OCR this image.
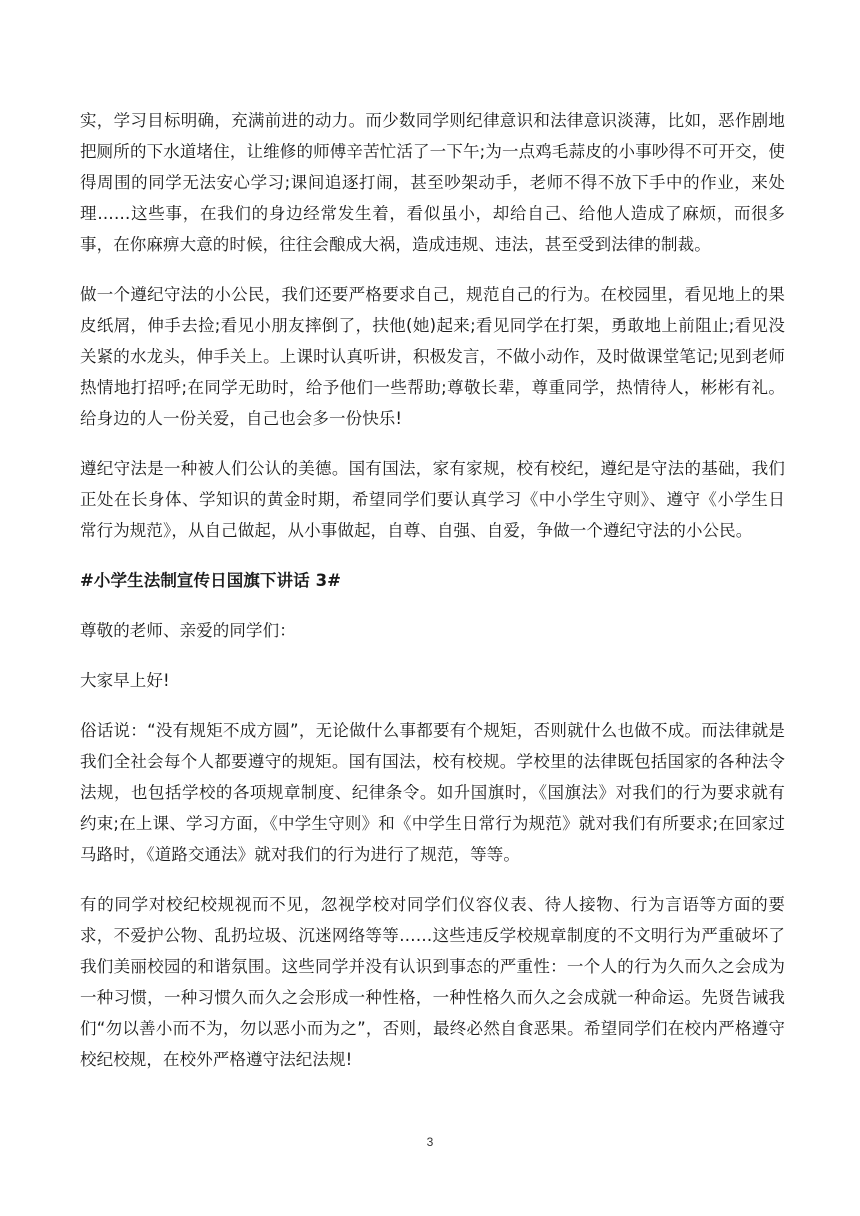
实，学习目标明确，充满前进的动力。而少数同学则纪律意识和法律意识淡薄，比如，恶作剧地把厕所的下水道堵住，让维修的师傅辛苦忙活了一下午;为一点鸡毛蒜皮的小事吵得不可开交，使得周围的同学无法安心学习;课间追逐打闹，甚至吵架动手，老师不得不放下手中的作业，来处理……这些事，在我们的身边经常发生着，看似虽小，却给自己、给他人造成了麻烦，而很多事，在你麻痹大意的时候，往往会酿成大祸，造成违规、违法，甚至受到法律的制裁。

做一个遵纪守法的小公民，我们还要严格要求自己，规范自己的行为。在校园里，看见地上的果皮纸屑，伸手去捡;看见小朋友摔倒了，扶他(她)起来;看见同学在打架，勇敢地上前阻止;看见没关紧的水龙头，伸手关上。上课时认真听讲，积极发言，不做小动作，及时做课堂笔记;见到老师热情地打招呼;在同学无助时，给予他们一些帮助;尊敬长辈，尊重同学，热情待人，彬彬有礼。给身边的人一份关爱，自己也会多一份快乐!

遵纪守法是一种被人们公认的美德。国有国法，家有家规，校有校纪，遵纪是守法的基础，我们正处在长身体、学知识的黄金时期，希望同学们要认真学习《中小学生守则》、遵守《小学生日常行为规范》，从自己做起，从小事做起，自尊、自强、自爱，争做一个遵纪守法的小公民。

#小学生法制宣传日国旗下讲话 3#

尊敬的老师、亲爱的同学们：

大家早上好!

俗话说：“没有规矩不成方圆”，无论做什么事都要有个规矩，否则就什么也做不成。而法律就是我们全社会每个人都要遵守的规矩。国有国法，校有校规。学校里的法律既包括国家的各种法令法规，也包括学校的各项规章制度、纪律条令。如升国旗时，《国旗法》对我们的行为要求就有约束;在上课、学习方面，《中学生守则》和《中学生日常行为规范》就对我们有所要求;在回家过马路时，《道路交通法》就对我们的行为进行了规范，等等。

有的同学对校纪校规视而不见，忽视学校对同学们仪容仪表、待人接物、行为言语等方面的要求，不爱护公物、乱扔垃圾、沉迷网络等等……这些违反学校规章制度的不文明行为严重破坏了我们美丽校园的和谐氛围。这些同学并没有认识到事态的严重性：一个人的行为久而久之会成为一种习惯，一种习惯久而久之会形成一种性格，一种性格久而久之会成就一种命运。先贤告诫我们“勿以善小而不为，勿以恶小而为之”，否则，最终必然自食恶果。希望同学们在校内严格遵守校纪校规，在校外严格遵守法纪法规!

3
